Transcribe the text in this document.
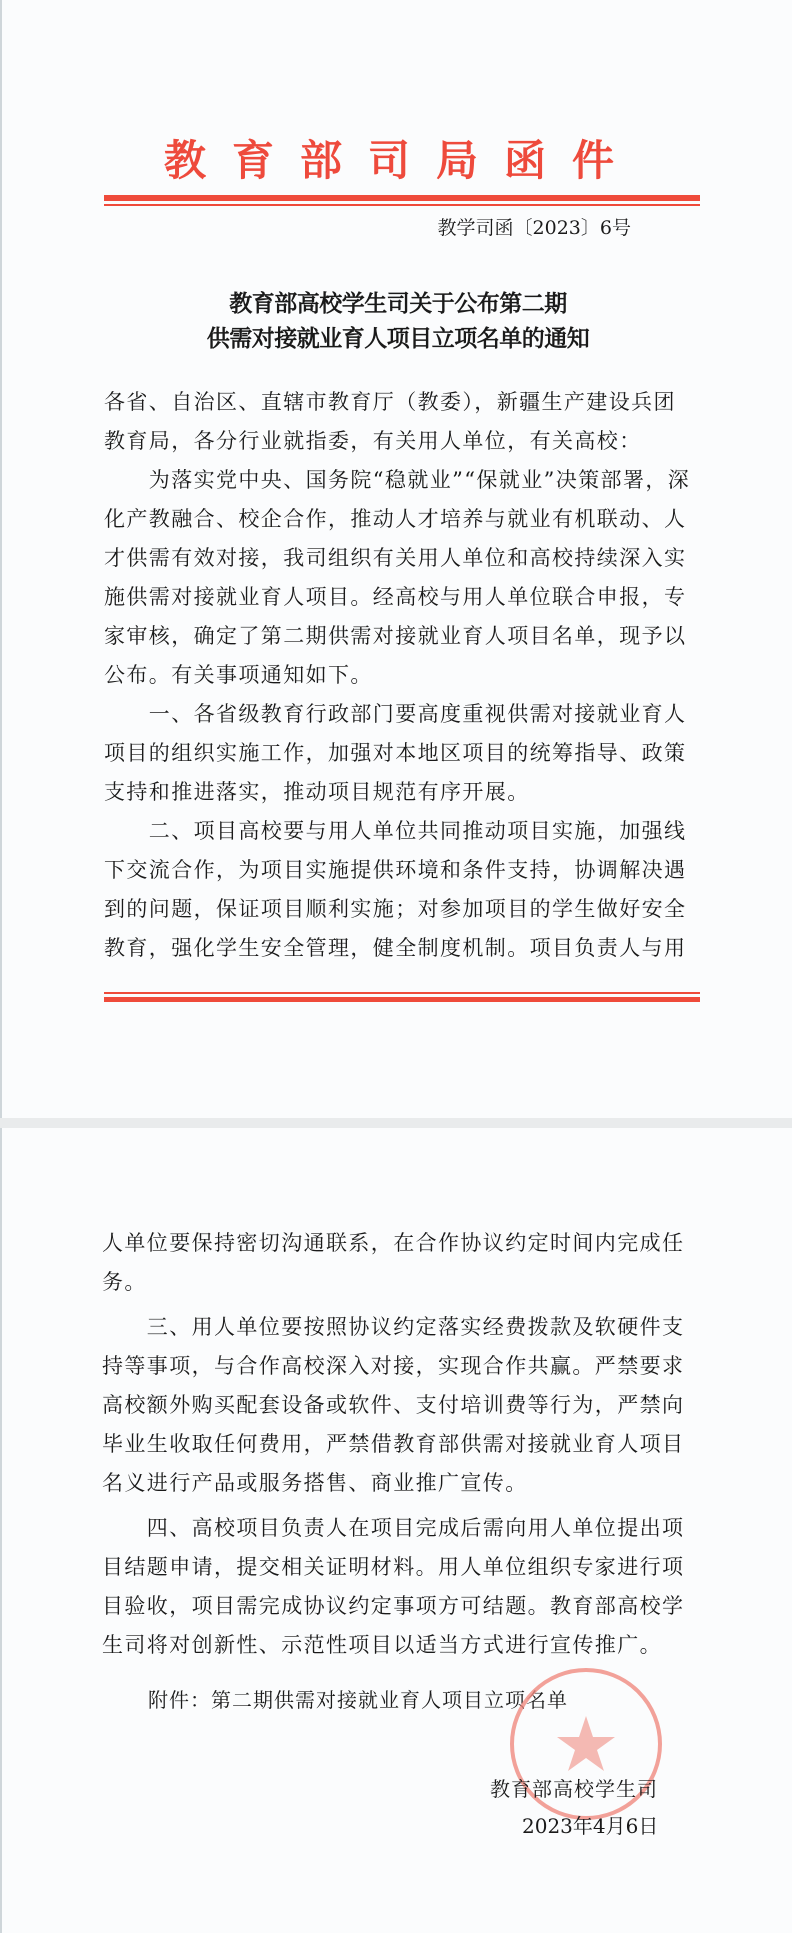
教育部司局函件
教学司函〔2023〕6号
教育部高校学生司关于公布第二期
供需对接就业育人项目立项名单的通知
各省、自治区、直辖市教育厅（教委），新疆生产建设兵团
教育局，各分行业就指委，有关用人单位，有关高校：
　　为落实党中央、国务院“稳就业”“保就业”决策部署，深
化产教融合、校企合作，推动人才培养与就业有机联动、人
才供需有效对接，我司组织有关用人单位和高校持续深入实
施供需对接就业育人项目。经高校与用人单位联合申报，专
家审核，确定了第二期供需对接就业育人项目名单，现予以
公布。有关事项通知如下。
　　一、各省级教育行政部门要高度重视供需对接就业育人
项目的组织实施工作，加强对本地区项目的统筹指导、政策
支持和推进落实，推动项目规范有序开展。
　　二、项目高校要与用人单位共同推动项目实施，加强线
下交流合作，为项目实施提供环境和条件支持，协调解决遇
到的问题，保证项目顺利实施；对参加项目的学生做好安全
教育，强化学生安全管理，健全制度机制。项目负责人与用
人单位要保持密切沟通联系，在合作协议约定时间内完成任
务。
　　三、用人单位要按照协议约定落实经费拨款及软硬件支
持等事项，与合作高校深入对接，实现合作共赢。严禁要求
高校额外购买配套设备或软件、支付培训费等行为，严禁向
毕业生收取任何费用，严禁借教育部供需对接就业育人项目
名义进行产品或服务搭售、商业推广宣传。
　　四、高校项目负责人在项目完成后需向用人单位提出项
目结题申请，提交相关证明材料。用人单位组织专家进行项
目验收，项目需完成协议约定事项方可结题。教育部高校学
生司将对创新性、示范性项目以适当方式进行宣传推广。
附件：第二期供需对接就业育人项目立项名单
教育部高校学生司
2023年4月6日
